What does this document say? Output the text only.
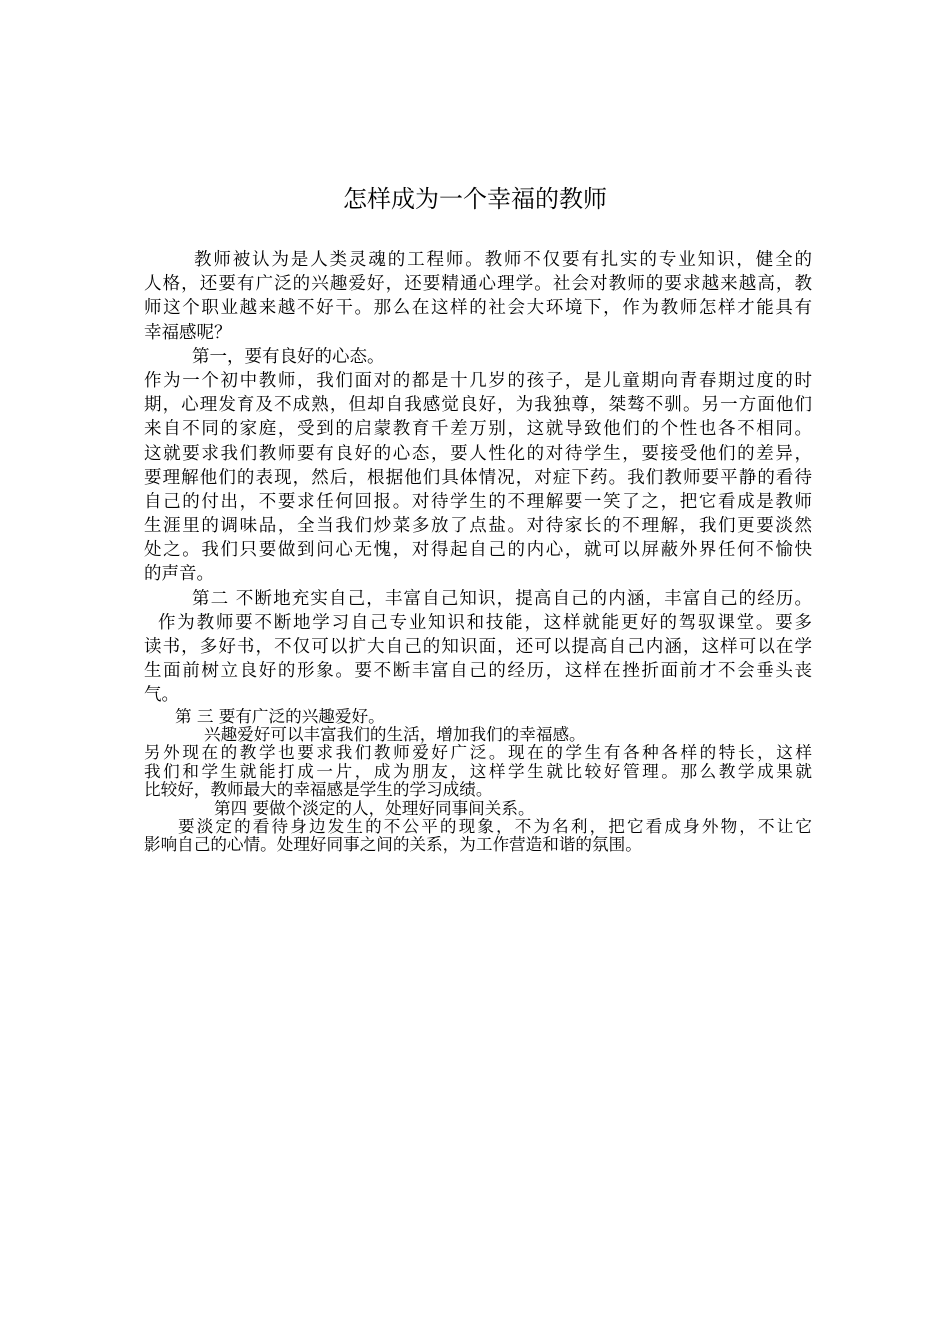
怎样成为一个幸福的教师
教师被认为是人类灵魂的工程师。教师不仅要有扎实的专业知识，健全的
人格，还要有广泛的兴趣爱好，还要精通心理学。社会对教师的要求越来越高，教
师这个职业越来越不好干。那么在这样的社会大环境下，作为教师怎样才能具有
幸福感呢？
第一，要有良好的心态。
作为一个初中教师，我们面对的都是十几岁的孩子，是儿童期向青春期过度的时
期，心理发育及不成熟，但却自我感觉良好，为我独尊，桀骜不驯。另一方面他们
来自不同的家庭，受到的启蒙教育千差万别，这就导致他们的个性也各不相同。
这就要求我们教师要有良好的心态，要人性化的对待学生，要接受他们的差异，
要理解他们的表现，然后，根据他们具体情况，对症下药。我们教师要平静的看待
自己的付出，不要求任何回报。对待学生的不理解要一笑了之，把它看成是教师
生涯里的调味品，全当我们炒菜多放了点盐。对待家长的不理解，我们更要淡然
处之。我们只要做到问心无愧，对得起自己的内心，就可以屏蔽外界任何不愉快
的声音。
第二 不断地充实自己，丰富自己知识，提高自己的内涵，丰富自己的经历。
作为教师要不断地学习自己专业知识和技能，这样就能更好的驾驭课堂。要多
读书，多好书，不仅可以扩大自己的知识面，还可以提高自己内涵，这样可以在学
生面前树立良好的形象。要不断丰富自己的经历，这样在挫折面前才不会垂头丧
气。
第 三 要有广泛的兴趣爱好。
兴趣爱好可以丰富我们的生活，增加我们的幸福感。
另外现在的教学也要求我们教师爱好广泛。现在的学生有各种各样的特长，这样
我们和学生就能打成一片，成为朋友，这样学生就比较好管理。那么教学成果就
比较好，教师最大的幸福感是学生的学习成绩。
第四 要做个淡定的人，处理好同事间关系。
要淡定的看待身边发生的不公平的现象，不为名利，把它看成身外物，不让它
影响自己的心情。处理好同事之间的关系，为工作营造和谐的氛围。
